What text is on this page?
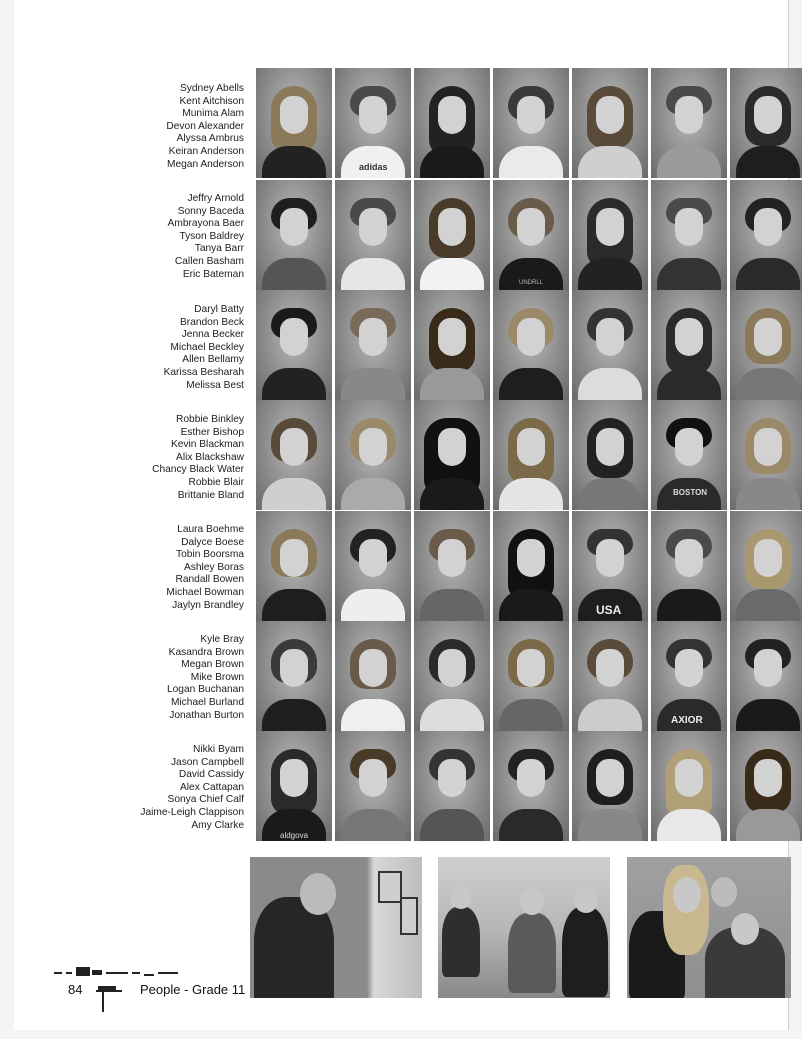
Sydney Abells
Kent Aitchison
Munima Alam
Devon Alexander
Alyssa Ambrus
Keiran Anderson
Megan Anderson	adidas
Jeffry Arnold
Sonny Baceda
Ambrayona Baer
Tyson Baldrey
Tanya Barr
Callen Basham
Eric Bateman
UNDRLL
Daryl Batty
Brandon Beck
Jenna Becker
Michael Beckley
Allen Bellamy
Karissa Besharah
Melissa Best
Robbie Binkley
Esther Bishop
Kevin Blackman
Alix Blackshaw
Chancy Black Water
Robbie Blair
Brittanie Bland	BOSTON
Laura Boehme
Dalyce Boese
Tobin Boorsma
Ashley Boras
Randall Bowen
Michael Bowman
Jaylyn Brandley	USA
Kyle Bray
Kasandra Brown
Megan Brown
Mike Brown
Logan Buchanan
Michael Burland
Jonathan Burton	AXIOR
Nikki Byam
Jason Campbell
David Cassidy
Alex Cattapan
Sonya Chief Calf
Jaime-Leigh Clappison
Amy Clarke
aldgova
84	People - Grade 11
